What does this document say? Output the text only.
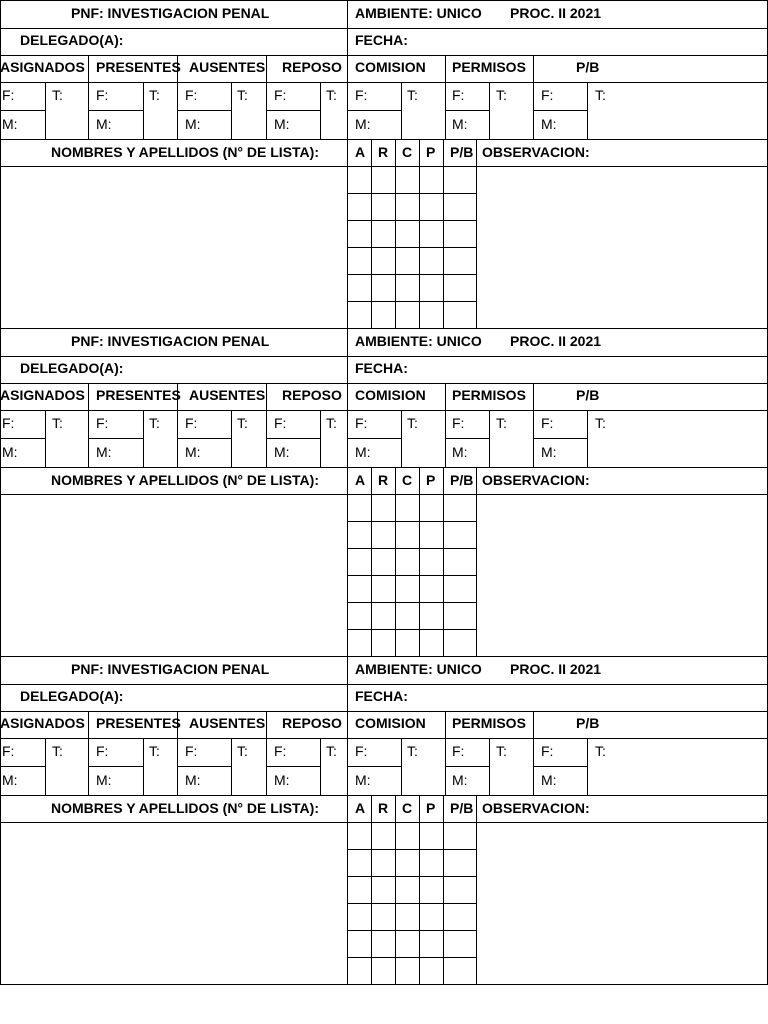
PNF: INVESTIGACION PENAL	AMBIENTE: UNICO PROC. II 2021
DELEGADO(A):	FECHA:
ASIGNADOS PRESENTES AUSENTES REPOSO COMISION PERMISOS	P/B
F:	T: F:	T: F:	T: F:	T: F:	T: F: T: F:	T:
M:	M:	M:	M:	M:	M:	M:
NOMBRES Y APELLIDOS (N° DE LISTA):	A R C P P/B OBSERVACION:
PNF: INVESTIGACION PENAL	AMBIENTE: UNICO PROC. II 2021
DELEGADO(A):	FECHA:
ASIGNADOS PRESENTES AUSENTES REPOSO COMISION PERMISOS	P/B
F:	T: F:	T: F:	T: F:	T: F:	T: F: T: F:	T:
M:	M:	M:	M:	M:	M:	M:
NOMBRES Y APELLIDOS (N° DE LISTA):	A R C P P/B OBSERVACION:
PNF: INVESTIGACION PENAL	AMBIENTE: UNICO PROC. II 2021
DELEGADO(A):	FECHA:
ASIGNADOS PRESENTES AUSENTES REPOSO COMISION PERMISOS	P/B
F:	T: F:	T: F:	T: F:	T: F:	T: F: T: F:	T:
M:	M:	M:	M:	M:	M:	M:
NOMBRES Y APELLIDOS (N° DE LISTA):	A R C P P/B OBSERVACION:
